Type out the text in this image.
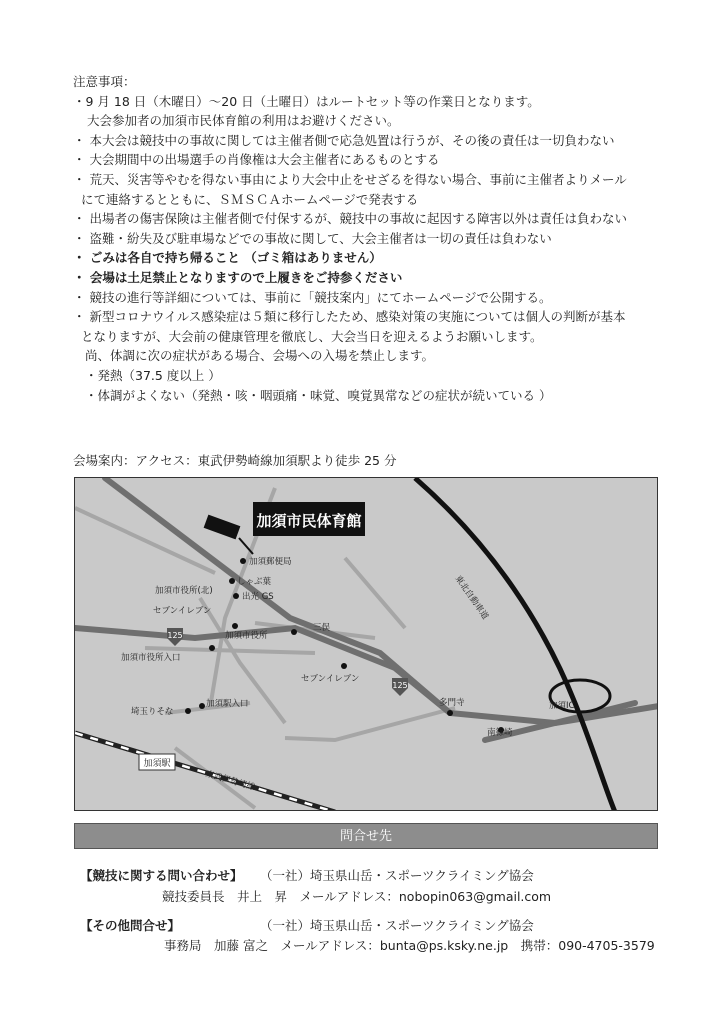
注意事項：
・9 月 18 日（木曜日）～20 日（土曜日）はルートセット等の作業日となります。
大会参加者の加須市民体育館の利用はお避けください。
・ 本大会は競技中の事故に関しては主催者側で応急処置は行うが、その後の責任は一切負わない
・ 大会期間中の出場選手の肖像権は大会主催者にあるものとする
・ 荒天、災害等やむを得ない事由により大会中止をせざるを得ない場合、事前に主催者よりメール
にて連絡するとともに、ＳＭＳＣＡホームページで発表する
・ 出場者の傷害保険は主催者側で付保するが、競技中の事故に起因する障害以外は責任は負わない
・ 盗難・紛失及び駐車場などでの事故に関して、大会主催者は一切の責任は負わない
・ ごみは各自で持ち帰ること （ゴミ箱はありません）
・ 会場は土足禁止となりますので上履きをご持参ください
・ 競技の進行等詳細については、事前に「競技案内」にてホームページで公開する。
・ 新型コロナウイルス感染症は５類に移行したため、感染対策の実施については個人の判断が基本
となりますが、大会前の健康管理を徹底し、大会当日を迎えるようお願いします。
尚、体調に次の症状がある場合、会場への入場を禁止します。
・発熱（37.5 度以上 ）
・体調がよくない（発熱・咳・咽頭痛・味覚、嗅覚異常などの症状が続いている ）
会場案内：アクセス：東武伊勢崎線加須駅より徒歩 25 分
加須市民体育館
125
125
加須郵便局
加須市役所(北)
しゃぶ葉
出光 GS
セブンイレブン
加須市役所
三俣
加須市役所入口
セブンイレブン
多門寺
南篠崎
埼玉りそな
加須駅入口
加須駅
東武伊勢崎線
東北自動車道
加須IC
問合せ先
【競技に関する問い合わせ】 （一社）埼玉県山岳・スポーツクライミング協会
競技委員長　井上　昇　メールアドレス：nobopin063@gmail.com
【その他問合せ】	（一社）埼玉県山岳・スポーツクライミング協会
事務局　加藤 富之　メールアドレス：bunta@ps.ksky.ne.jp　携帯：090-4705-3579
